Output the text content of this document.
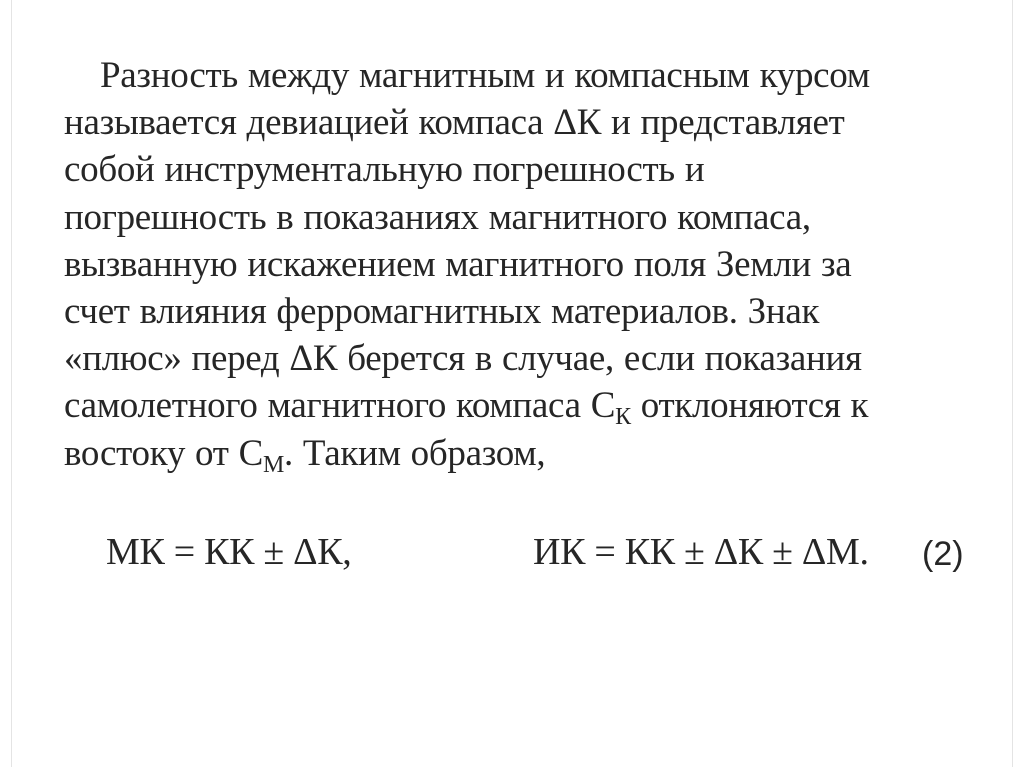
Разность между магнитным и компасным курсом
называется девиацией компаса ΔК и представляет
собой инструментальную погрешность и
погрешность в показаниях магнитного компаса,
вызванную искажением магнитного поля Земли за
счет влияния ферромагнитных материалов. Знак
«плюс» перед ΔК берется в случае, если показания
самолетного магнитного компаса $С_К$ отклоняются к
востоку от $С_М$. Таким образом,
МК = КК ± ΔК,	ИК = КК ± ΔК ± ΔМ. (2)
